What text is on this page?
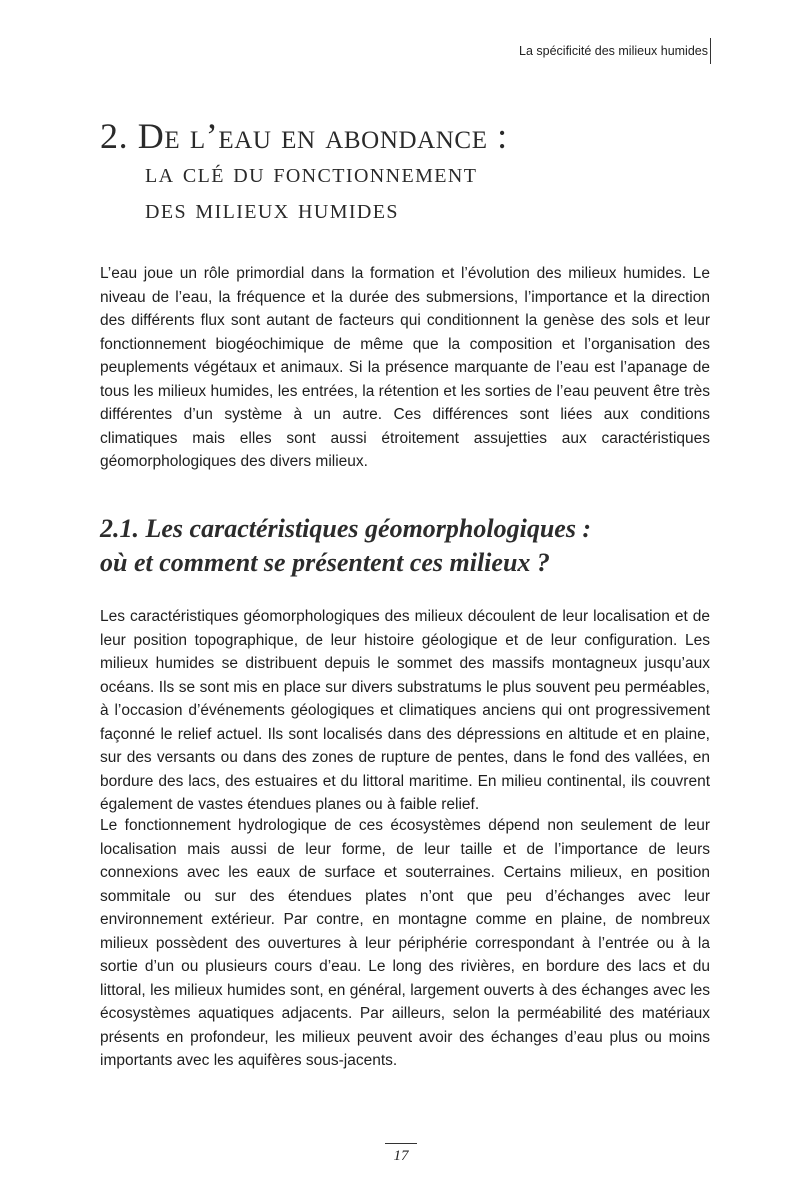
La spécificité des milieux humides
2. De l’eau en abondance :
la clé du fonctionnement
des milieux humides

L’eau joue un rôle primordial dans la formation et l’évolution des milieux humides. Le niveau de l’eau, la fréquence et la durée des submersions, l’importance et la direction des différents flux sont autant de facteurs qui conditionnent la genèse des sols et leur fonctionnement biogéochimique de même que la composition et l’organisation des peuplements végétaux et animaux. Si la présence marquante de l’eau est l’apanage de tous les milieux humides, les entrées, la rétention et les sorties de l’eau peuvent être très différentes d’un système à un autre. Ces différences sont liées aux conditions climatiques mais elles sont aussi étroitement assujetties aux caractéristiques géomorphologiques des divers milieux.

2.1. Les caractéristiques géomorphologiques :
où et comment se présentent ces milieux ?

Les caractéristiques géomorphologiques des milieux découlent de leur localisation et de leur position topographique, de leur histoire géologique et de leur configuration. Les milieux humides se distribuent depuis le sommet des massifs montagneux jusqu’aux océans. Ils se sont mis en place sur divers substratums le plus souvent peu perméables, à l’occasion d’événements géologiques et climatiques anciens qui ont progressivement façonné le relief actuel. Ils sont localisés dans des dépressions en altitude et en plaine, sur des versants ou dans des zones de rupture de pentes, dans le fond des vallées, en bordure des lacs, des estuaires et du littoral maritime. En milieu continental, ils couvrent également de vastes étendues planes ou à faible relief.

Le fonctionnement hydrologique de ces écosystèmes dépend non seulement de leur localisation mais aussi de leur forme, de leur taille et de l’importance de leurs connexions avec les eaux de surface et souterraines. Certains milieux, en position sommitale ou sur des étendues plates n’ont que peu d’échanges avec leur environnement extérieur. Par contre, en montagne comme en plaine, de nombreux milieux possèdent des ouvertures à leur périphérie correspondant à l’entrée ou à la sortie d’un ou plusieurs cours d’eau. Le long des rivières, en bordure des lacs et du littoral, les milieux humides sont, en général, largement ouverts à des échanges avec les écosystèmes aquatiques adjacents. Par ailleurs, selon la perméabilité des matériaux présents en profondeur, les milieux peuvent avoir des échanges d’eau plus ou moins importants avec les aquifères sous-jacents.

17
